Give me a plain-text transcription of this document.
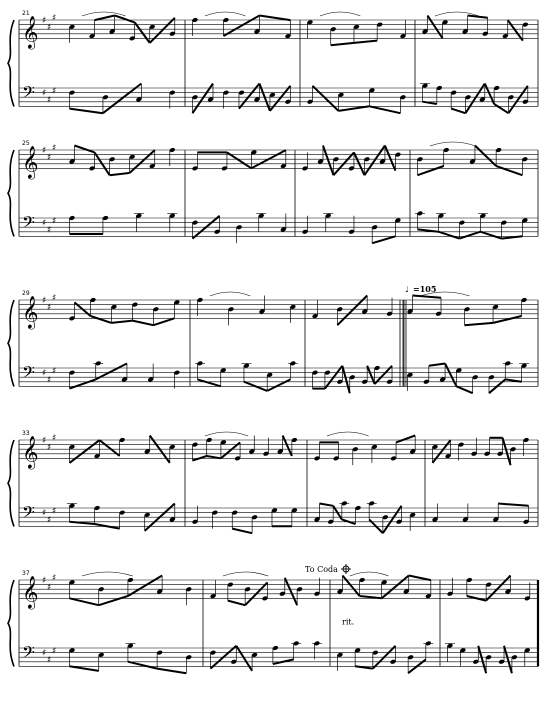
21
𝄞
𝄢
♯
♯
♯
♯
♯
♯
25
𝄞
𝄢
♯
♯
♯
♯
♯
♯
29
𝄞
𝄢
♯
♯
♯
♯
♯
♯
33
𝄞
𝄢
♯
♯
♯
♯
♯
♯
37
𝄞
𝄢
♯
♯
♯
♯
♯
♯
♩ =105
To Coda
rit.
